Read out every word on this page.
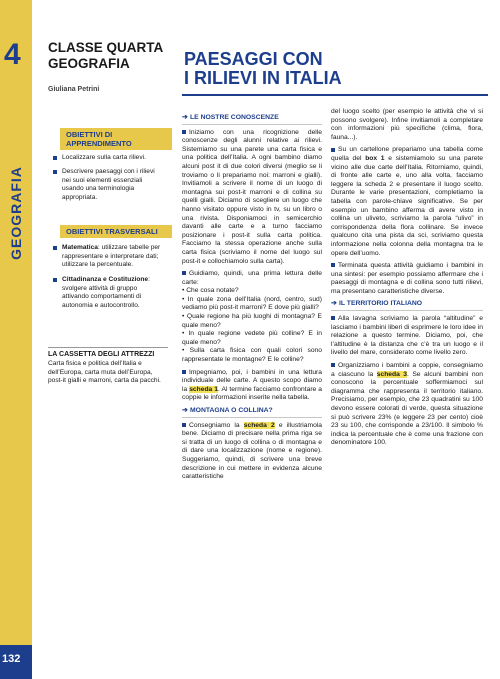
4
GEOGRAFIA
132
CLASSE QUARTA
GEOGRAFIA
Giuliana Petrini
OBIETTIVI DI APPRENDIMENTO
Localizzare sulla carta rilievi.
Descrivere paesaggi con i rilievi nei suoi elementi essenziali usando una terminologia appropriata.
OBIETTIVI TRASVERSALI
Matematica: utilizzare tabelle per rappresentare e interpretare dati; utilizzare la percentuale.
Cittadinanza e Costituzione: svolgere attività di gruppo attivando comportamenti di autonomia e autocontrollo.
LA CASSETTA DEGLI ATTREZZI
Carta fisica e politica dell’Italia e dell’Europa, carta muta dell’Europa, post-it gialli e marroni, carta da pacchi.
PAESAGGI CON
I RILIEVI IN ITALIA
➔ LE NOSTRE CONOSCENZE

Iniziamo con una ricognizione delle conoscenze degli alunni relative ai rilievi. Sistemiamo su una parete una carta fisica e una politica dell’Italia. A ogni bambino diamo alcuni post it di due colori diversi (meglio se li troviamo o li prepariamo noi: marroni e gialli). Invitiamoli a scrivere il nome di un luogo di montagna sui post-it marroni e di collina su quelli gialli. Diciamo di scegliere un luogo che hanno visitato oppure visto in tv, su un libro o una rivista. Disponiamoci in semicerchio davanti alle carte e a turno facciamo posizionare i post-it sulla carta politica. Facciamo la stessa operazione anche sulla carta fisica (scriviamo il nome del luogo sul post-it e collochiamolo sulla carta).

Guidiamo, quindi, una prima lettura delle carte:
• Che cosa notate?
• In quale zona dell’Italia (nord, centro, sud) vediamo più post-it marroni? E dove più gialli?
• Quale regione ha più luoghi di montagna? E quale meno?
• In quale regione vedete più colline? E in quale meno?
• Sulla carta fisica con quali colori sono rappresentate le montagne? E le colline?

Impegniamo, poi, i bambini in una lettura individuale delle carte. A questo scopo diamo la scheda 1. Al termine facciamo confrontare a coppie le informazioni inserite nella tabella.

➔ MONTAGNA O COLLINA?

Consegniamo la scheda 2 e illustriamola bene. Diciamo di precisare nella prima riga se si tratta di un luogo di collina o di montagna e di dare una localizzazione (nome e regione). Suggeriamo, quindi, di scrivere una breve descrizione in cui mettere in evidenza alcune caratteristiche

del luogo scelto (per esempio le attività che vi si possono svolgere). Infine invitiamoli a completare con informazioni più specifiche (clima, flora, fauna...).

Su un cartellone prepariamo una tabella come quella del box 1 e sistemiamolo su una parete vicino alle due carte dell’Italia. Ritorniamo, quindi, di fronte alle carte e, uno alla volta, facciamo leggere la scheda 2 e presentare il luogo scelto. Durante le varie presentazioni, completiamo la tabella con parole-chiave significative. Se per esempio un bambino afferma di avere visto in collina un uliveto, scriviamo la parola “ulivo” in corrispondenza della flora collinare. Se invece qualcuno cita una pista da sci, scriviamo questa informazione nella colonna della montagna tra le opere dell’uomo.

Terminata questa attività guidiamo i bambini in una sintesi: per esempio possiamo affermare che i paesaggi di montagna e di collina sono tutti rilievi, ma presentano caratteristiche diverse.

➔ IL TERRITORIO ITALIANO

Alla lavagna scriviamo la parola “altitudine” e lasciamo i bambini liberi di esprimere le loro idee in relazione a questo termine. Diciamo, poi, che l’altitudine è la distanza che c’è tra un luogo e il livello del mare, considerato come livello zero.

Organizziamo i bambini a coppie, consegniamo a ciascuno la scheda 3. Se alcuni bambini non conoscono la percentuale soffermiamoci sul diagramma che rappresenta il territorio italiano. Precisiamo, per esempio, che 23 quadratini su 100 devono essere colorati di verde, questa situazione si può scrivere 23% (e leggere 23 per cento) cioè 23 su 100, che corrisponde a 23/100. Il simbolo % indica la percentuale che è come una frazione con denominatore 100.
